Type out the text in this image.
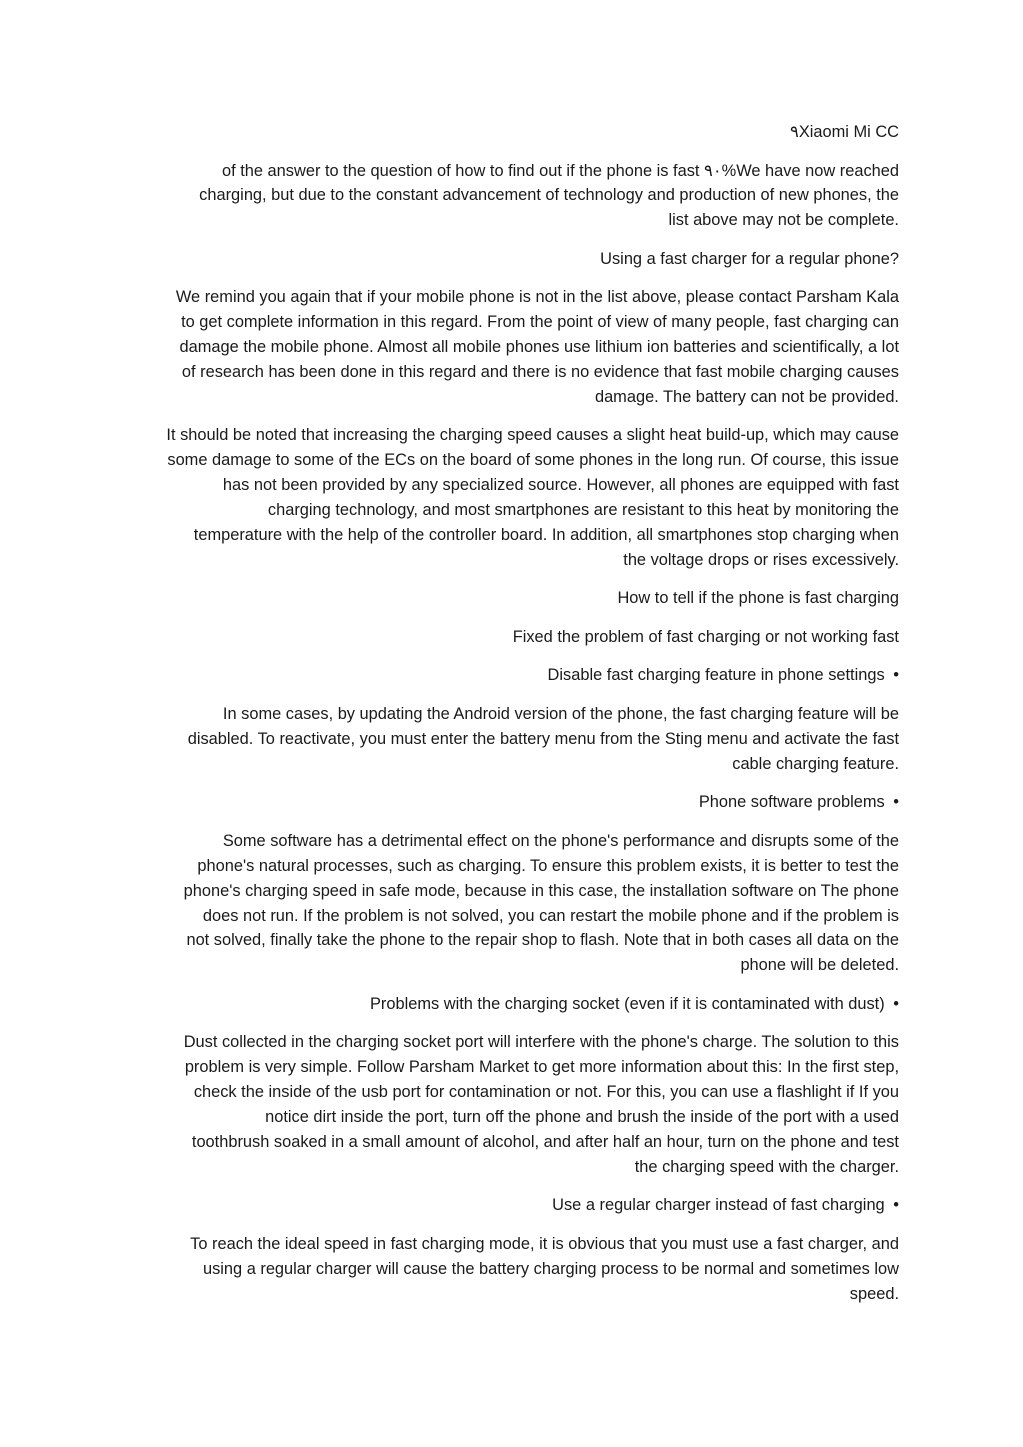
٩Xiaomi Mi CC
of the answer to the question of how to find out if the phone is fast ٩٠%We have now reached
charging, but due to the constant advancement of technology and production of new phones, the
list above may not be complete.
Using a fast charger for a regular phone?
We remind you again that if your mobile phone is not in the list above, please contact Parsham Kala
to get complete information in this regard. From the point of view of many people, fast charging can
damage the mobile phone. Almost all mobile phones use lithium ion batteries and scientifically, a lot
of research has been done in this regard and there is no evidence that fast mobile charging causes
damage. The battery can not be provided.
It should be noted that increasing the charging speed causes a slight heat build-up, which may cause
some damage to some of the ECs on the board of some phones in the long run. Of course, this issue
has not been provided by any specialized source. However, all phones are equipped with fast
charging technology, and most smartphones are resistant to this heat by monitoring the
temperature with the help of the controller board. In addition, all smartphones stop charging when
the voltage drops or rises excessively.
How to tell if the phone is fast charging
Fixed the problem of fast charging or not working fast
Disable fast charging feature in phone settings •
In some cases, by updating the Android version of the phone, the fast charging feature will be
disabled. To reactivate, you must enter the battery menu from the Sting menu and activate the fast
cable charging feature.
Phone software problems •
Some software has a detrimental effect on the phone's performance and disrupts some of the
phone's natural processes, such as charging. To ensure this problem exists, it is better to test the
phone's charging speed in safe mode, because in this case, the installation software on The phone
does not run. If the problem is not solved, you can restart the mobile phone and if the problem is
not solved, finally take the phone to the repair shop to flash. Note that in both cases all data on the
phone will be deleted.
Problems with the charging socket (even if it is contaminated with dust) •
Dust collected in the charging socket port will interfere with the phone's charge. The solution to this
problem is very simple. Follow Parsham Market to get more information about this: In the first step,
check the inside of the usb port for contamination or not. For this, you can use a flashlight if If you
notice dirt inside the port, turn off the phone and brush the inside of the port with a used
toothbrush soaked in a small amount of alcohol, and after half an hour, turn on the phone and test
the charging speed with the charger.
Use a regular charger instead of fast charging •
To reach the ideal speed in fast charging mode, it is obvious that you must use a fast charger, and
using a regular charger will cause the battery charging process to be normal and sometimes low
speed.
